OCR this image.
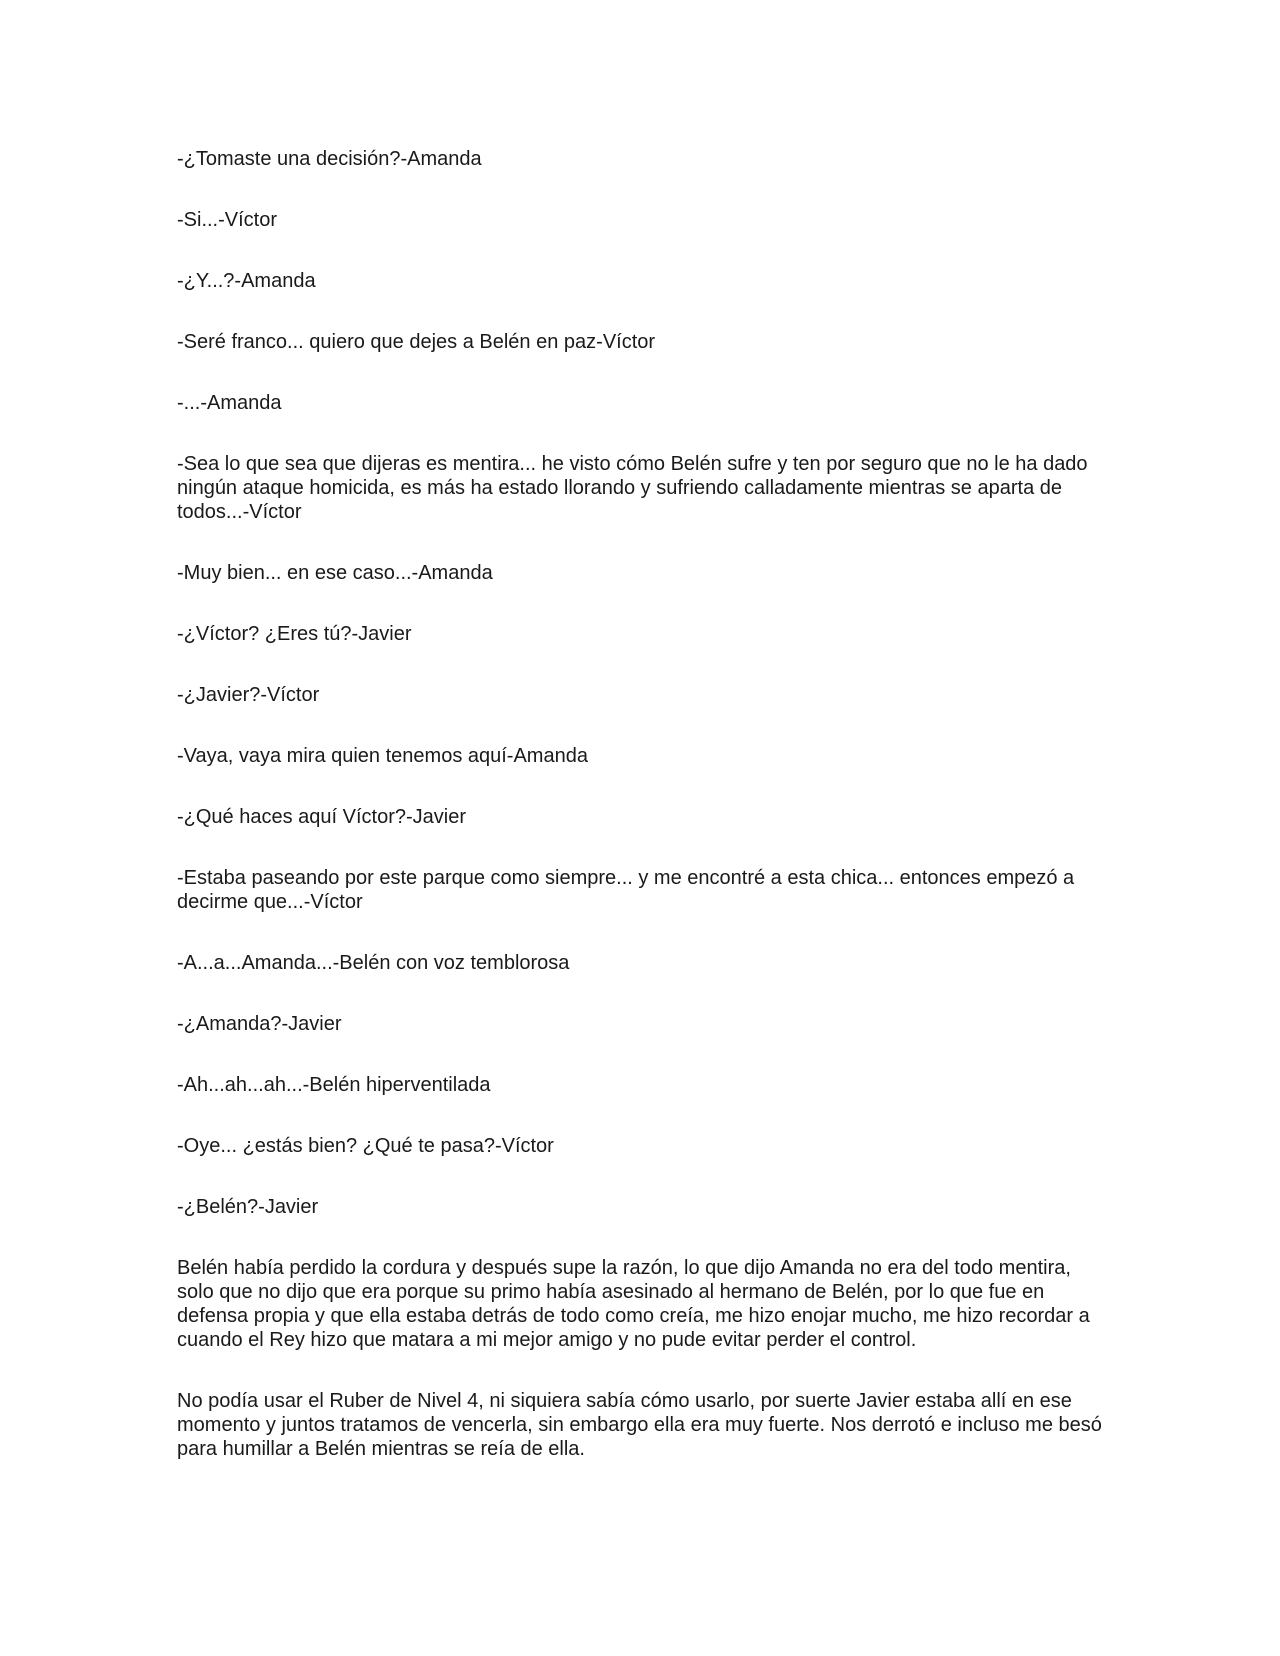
-¿Tomaste una decisión?-Amanda

-Si...-Víctor

-¿Y...?-Amanda

-Seré franco... quiero que dejes a Belén en paz-Víctor

-...-Amanda

-Sea lo que sea que dijeras es mentira... he visto cómo Belén sufre y ten por seguro que no le ha dado ningún ataque homicida, es más ha estado llorando y sufriendo calladamente mientras se aparta de todos...-Víctor

-Muy bien... en ese caso...-Amanda

-¿Víctor? ¿Eres tú?-Javier

-¿Javier?-Víctor

-Vaya, vaya mira quien tenemos aquí-Amanda

-¿Qué haces aquí Víctor?-Javier

-Estaba paseando por este parque como siempre... y me encontré a esta chica... entonces empezó a decirme que...-Víctor

-A...a...Amanda...-Belén con voz temblorosa

-¿Amanda?-Javier

-Ah...ah...ah...-Belén hiperventilada

-Oye... ¿estás bien? ¿Qué te pasa?-Víctor

-¿Belén?-Javier

Belén había perdido la cordura y después supe la razón, lo que dijo Amanda no era del todo mentira, solo que no dijo que era porque su primo había asesinado al hermano de Belén, por lo que fue en defensa propia y que ella estaba detrás de todo como creía, me hizo enojar mucho, me hizo recordar a cuando el Rey hizo que matara a mi mejor amigo y no pude evitar perder el control.

No podía usar el Ruber de Nivel 4, ni siquiera sabía cómo usarlo, por suerte Javier estaba allí en ese momento y juntos tratamos de vencerla, sin embargo ella era muy fuerte. Nos derrotó e incluso me besó para humillar a Belén mientras se reía de ella.
